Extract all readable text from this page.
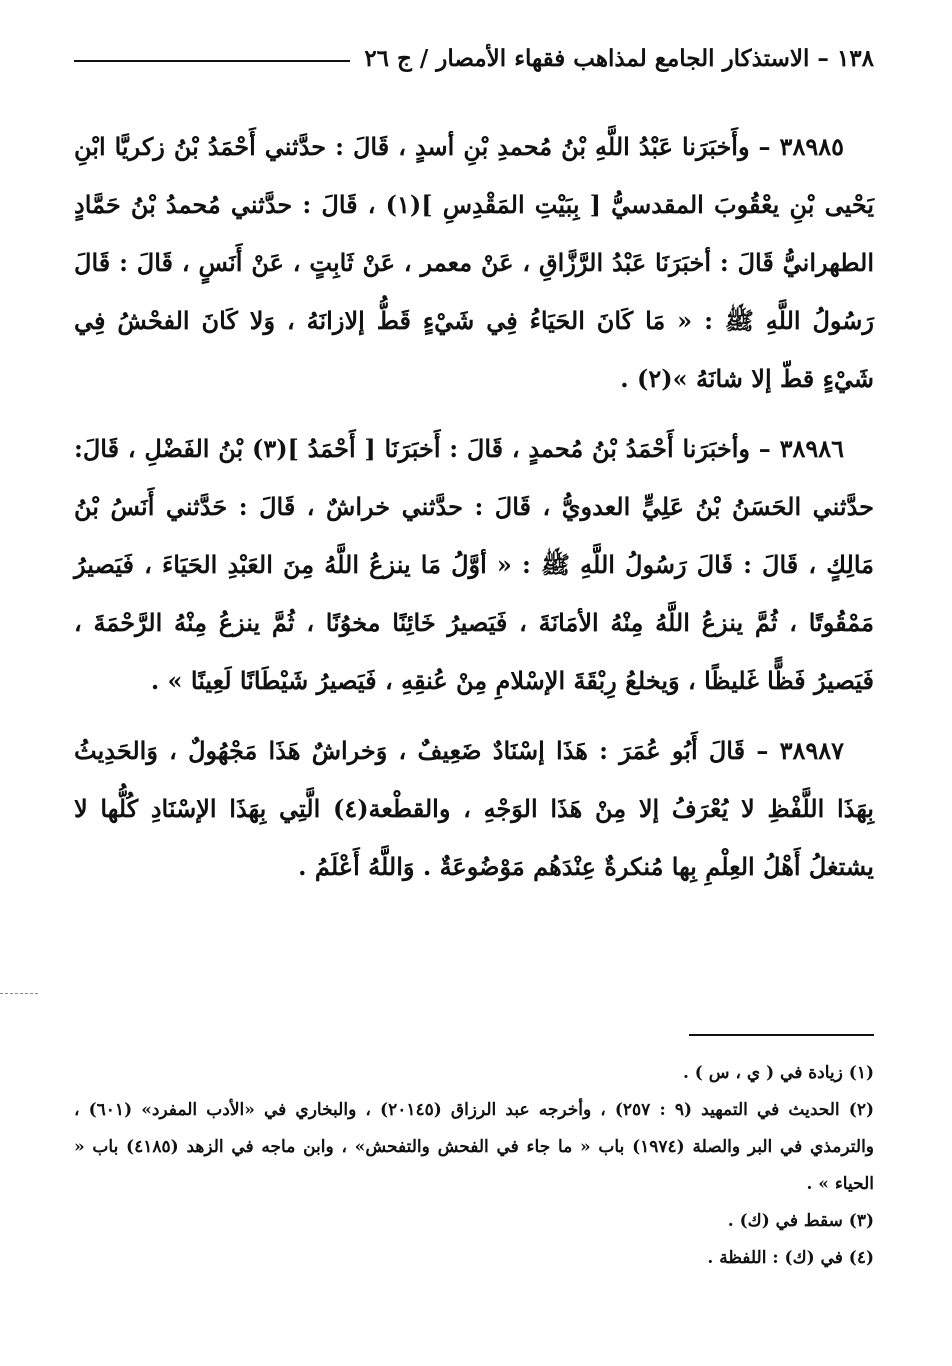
١٣٨ – الاستذكار الجامع لمذاهب فقهاء الأمصار / ج ٢٦

٣٨٩٨٥ – وأَخبَرَنا عَبْدُ اللَّهِ بْنُ مُحمدِ بْنِ أسدٍ ، قَالَ : حدَّثني أَحْمَدُ بْنُ زكريَّا ابْنِ يَحْيى بْنِ يعْقُوبَ المقدسيُّ [ بِبَيْتِ المَقْدِسِ ](١) ، قَالَ : حدَّثني مُحمدُ بْنُ حَمَّادٍ الطهرانيُّ قَالَ : أخبَرَنَا عَبْدُ الرَّزَّاقِ ، عَنْ معمر ، عَنْ ثَابِتٍ ، عَنْ أَنَسٍ ، قَالَ : قَالَ رَسُولُ اللَّهِ ﷺ : « مَا كَانَ الحَيَاءُ فِي شَيْءٍ قَطُّ إلازانَهُ ، وَلا كَانَ الفحْشُ فِي شَيْءٍ قطّ إلا شانَهُ »(٢) .

٣٨٩٨٦ – وأخبَرَنا أَحْمَدُ بْنُ مُحمدٍ ، قَالَ : أَخبَرَنَا [ أَحْمَدُ ](٣) بْنُ الفَضْلِ ، قَالَ: حدَّثني الحَسَنُ بْنُ عَلِيٍّ العدويُّ ، قَالَ : حدَّثني خراشٌ ، قَالَ : حَدَّثني أَنَسُ بْنُ مَالِكٍ ، قَالَ : قَالَ رَسُولُ اللَّهِ ﷺ : « أوَّلُ مَا ينزعُ اللَّهُ مِنَ العَبْدِ الحَيَاءَ ، فَيَصيرُ مَمْقُوتًا ، ثُمَّ ينزعُ اللَّهُ مِنْهُ الأمَانَةَ ، فَيَصيرُ خَائِنًا مخوُنًا ، ثُمَّ ينزعُ مِنْهُ الرَّحْمَةَ ، فَيَصيرُ فَظًّا غَليظًا ، وَيخلعُ رِبْقَةَ الإسْلامِ مِنْ عُنقِهِ ، فَيَصيرُ شَيْطَانًا لَعِينًا » .

٣٨٩٨٧ – قَالَ أَبُو عُمَرَ : هَذَا إسْنَادٌ ضَعِيفٌ ، وَخراشٌ هَذَا مَجْهُولٌ ، وَالحَدِيثُ بِهَذَا اللَّفْظِ لا يُعْرَفُ إلا مِنْ هَذَا الوَجْهِ ، والقطْعة(٤) الَّتِي بِهَذَا الإسْنَادِ كُلُّها لا يشتغلُ أَهْلُ العِلْمِ بِها مُنكرةٌ عِنْدَهُم مَوْضُوعَةٌ . وَاللَّهُ أَعْلَمُ .

(١) زيادة في ( ي ، س ) .

(٢) الحديث في التمهيد (٩ : ٢٥٧) ، وأخرجه عبد الرزاق (٢٠١٤٥) ، والبخاري في «الأدب المفرد» (٦٠١) ، والترمذي في البر والصلة (١٩٧٤) باب « ما جاء في الفحش والتفحش» ، وابن ماجه في الزهد (٤١٨٥) باب « الحياء » .

(٣) سقط في (ك) .

(٤) في (ك) : اللفظة .
